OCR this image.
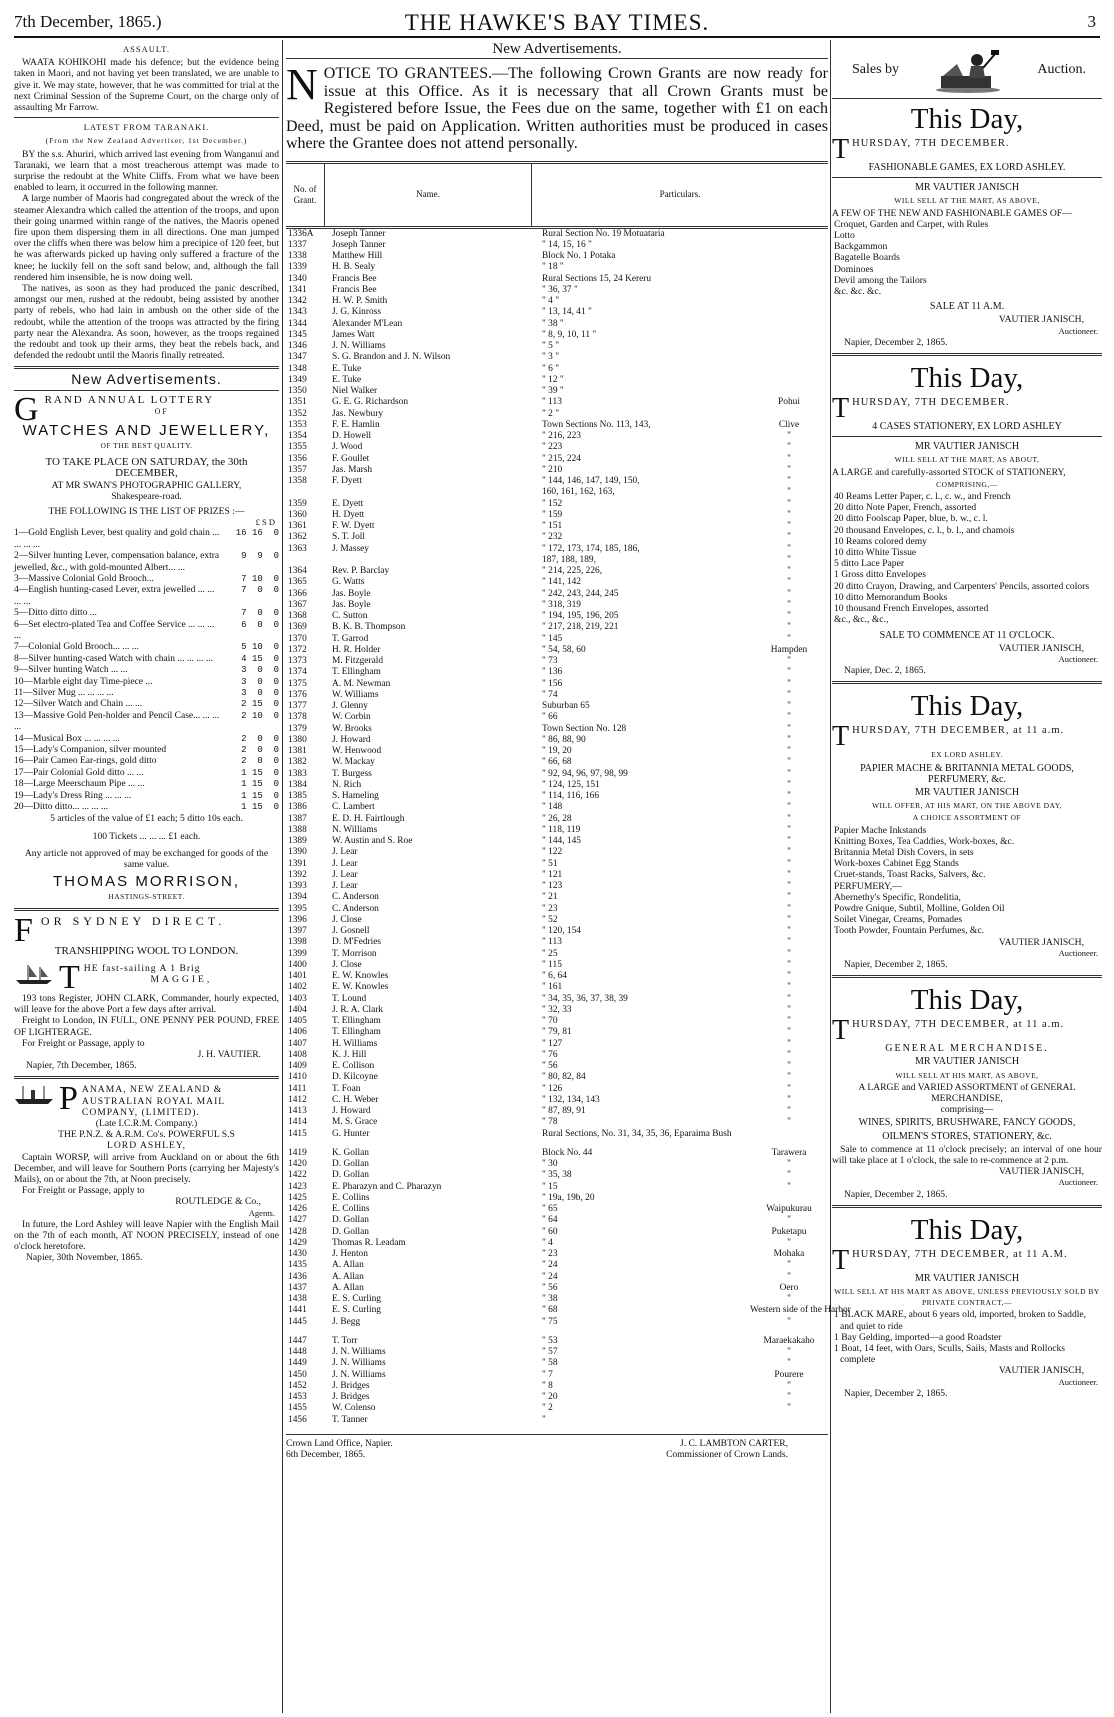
7th December, 1865.)	THE HAWKE'S BAY TIMES.	3
ASSAULT.

WAATA KOHIKOHI made his defence; but the evidence being taken in Maori, and not having yet been translated, we are unable to give it. We may state, however, that he was committed for trial at the next Criminal Session of the Supreme Court, on the charge only of assaulting Mr Farrow.

LATEST FROM TARANAKI.
(From the New Zealand Advertiser, 1st December.)

BY the s.s. Ahuriri, which arrived last evening from Wanganui and Taranaki, we learn that a most treacherous attempt was made to surprise the redoubt at the White Cliffs. From what we have been enabled to learn, it occurred in the following manner.

A large number of Maoris had congregated about the wreck of the steamer Alexandra which called the attention of the troops, and upon their going unarmed within range of the natives, the Maoris opened fire upon them dispersing them in all directions. One man jumped over the cliffs when there was below him a precipice of 120 feet, but he was afterwards picked up having only suffered a fracture of the knee; he luckily fell on the soft sand below, and, although the fall rendered him insensible, he is now doing well.

The natives, as soon as they had produced the panic described, amongst our men, rushed at the redoubt, being assisted by another party of rebels, who had lain in ambush on the other side of the redoubt, while the attention of the troops was attracted by the firing party near the Alexandra. As soon, however, as the troops regained the redoubt and took up their arms, they beat the rebels back, and defended the redoubt until the Maoris finally retreated.

New Advertisements.
G RAND ANNUAL LOTTERY
OF
WATCHES AND JEWELLERY,
OF THE BEST QUALITY.
TO TAKE PLACE ON SATURDAY, the 30th DECEMBER,
AT MR SWAN'S PHOTOGRAPHIC GALLERY,
Shakespeare-road.
THE FOLLOWING IS THE LIST OF PRIZES :—
£ S D
1—Gold English Lever, best quality and gold chain ... ... ... ...
16 16  0
2—Silver hunting Lever, compensation balance, extra jewelled, &c., with gold-mounted Albert... ...
9  9  0
3—Massive Colonial Gold Brooch...	7 10  0
4—English hunting-cased Lever, extra jewelled ... ... ... ...
7  0  0
5—Ditto ditto ditto ...	7  0  0
6—Set electro-plated Tea and Coffee Service ... ... ... ...
6  0  0
7—Colonial Gold Brooch... ... ...	5 10  0
8—Silver hunting-cased Watch with chain ... ... ... ...	4 15  0
9—Silver hunting Watch ... ...	3  0  0
10—Marble eight day Time-piece ...	3  0  0
11—Silver Mug ... ... ... ...	3  0  0
12—Silver Watch and Chain ... ...	2 15  0
13—Massive Gold Pen-holder and Pencil Case... ... ... ...
2 10  0
14—Musical Box ... ... ... ...	2  0  0
15—Lady's Companion, silver mounted	2  0  0
16—Pair Cameo Ear-rings, gold ditto	2  0  0
17—Pair Colonial Gold ditto ... ...	1 15  0
18—Large Meerschaum Pipe ... ...	1 15  0
19—Lady's Dress Ring ... ... ...	1 15  0
20—Ditto ditto... ... ... ...	1 15  0
5 articles of the value of £1 each; 5 ditto 10s each.
100 Tickets ... ... ... £1 each.
Any article not approved of may be exchanged for goods of the same value.
THOMAS MORRISON,
HASTINGS-STREET.
F OR SYDNEY DIRECT.
TRANSHIPPING WOOL TO LONDON.
T HE fast-sailing A 1 Brig
MAGGIE,

193 tons Register, JOHN CLARK, Commander, hourly expected, will leave for the above Port a few days after arrival.

Freight to London, IN FULL, ONE PENNY PER POUND, FREE OF LIGHTERAGE.

For Freight or Passage, apply to

J. H. VAUTIER.
Napier, 7th December, 1865.
P ANAMA, NEW ZEALAND & AUSTRALIAN ROYAL MAIL COMPANY, (LIMITED).
(Late I.C.R.M. Company.)
THE P.N.Z. & A.R.M. Co's. POWERFUL S.S
LORD ASHLEY,

Captain WORSP, will arrive from Auckland on or about the 6th December, and will leave for Southern Ports (carrying her Majesty's Mails), on or about the 7th, at Noon precisely.

For Freight or Passage, apply to

ROUTLEDGE & Co.,
Agents.

In future, the Lord Ashley will leave Napier with the English Mail on the 7th of each month, AT NOON PRECISELY, instead of one o'clock heretofore.

Napier, 30th November, 1865.
New Advertisements.
N OTICE TO GRANTEES.—The following Crown Grants are now ready for issue at this Office. As it is necessary that all Crown Grants must be Registered before Issue, the Fees due on the same, together with £1 on each Deed, must be paid on Application. Written authorities must be produced in cases where the Grantee does not attend personally.
No. of Grant.
Name.	Particulars.
1336A	Joseph Tanner	Rural Section No. 19 Motuataria
1337	Joseph Tanner	" 14, 15, 16 "
1338	Matthew Hill	Block No. 1 Potaka
1339	H. B. Sealy	" 18 "
1340	Francis Bee	Rural Sections 15, 24 Kereru
1341	Francis Bee	" 36, 37 "
1342	H. W. P. Smith	" 4 "
1343	J. G. Kinross	" 13, 14, 41 "
1344	Alexander M'Lean	" 38 "
1345	James Watt	" 8, 9, 10, 11 "
1346	J. N. Williams	" 5 "
1347	S. G. Brandon and J. N. Wilson	" 3 "
1348	E. Tuke	" 6 "
1349	E. Tuke	" 12 "
1350	Niel Walker	" 39 "
1351	G. E. G. Richardson	" 113	Pohui
1352	Jas. Newbury	" 2 "
1353	F. E. Hamlin	Town Sections No. 113, 143,	Clive
1354	D. Howell	" 216, 223	"
1355	J. Wood	" 223	"
1356	F. Goullet	" 215, 224	"
1357	Jas. Marsh	" 210	"
1358	F. Dyett	" 144, 146, 147, 149, 150,	"
160, 161, 162, 163,	"
1359	E. Dyett	" 152	"
1360	H. Dyett	" 159	"
1361	F. W. Dyett	" 151	"
1362	S. T. Joll	" 232	"
1363	J. Massey	" 172, 173, 174, 185, 186,	"
187, 188, 189,	"
1364	Rev. P. Barclay	" 214, 225, 226,	"
1365	G. Watts	" 141, 142	"
1366	Jas. Boyle	" 242, 243, 244, 245	"
1367	Jas. Boyle	" 318, 319	"
1368	C. Sutton	" 194, 195, 196, 205	"
1369	B. K. B. Thompson	" 217, 218, 219, 221	"
1370	T. Garrod	" 145	"
1372	H. R. Holder	" 54, 58, 60	Hampden
1373	M. Fitzgerald	" 73	"
1374	T. Ellingham	" 136	"
1375	A. M. Newman	" 156	"
1376	W. Williams	" 74	"
1377	J. Glenny	Suburban 65	"
1378	W. Corbin	" 66	"
1379	W. Brooks	Town Section No. 128	"
1380	J. Howard	" 86, 88, 90	"
1381	W. Henwood	" 19, 20	"
1382	W. Mackay	" 66, 68	"
1383	T. Burgess	" 92, 94, 96, 97, 98, 99	"
1384	N. Rich	" 124, 125, 151	"
1385	S. Hameling	" 114, 116, 166	"
1386	C. Lambert	" 148	"
1387	E. D. H. Fairtlough	" 26, 28	"
1388	N. Williams	" 118, 119	"
1389	W. Austin and S. Roe	" 144, 145	"
1390	J. Lear	" 122	"
1391	J. Lear	" 51	"
1392	J. Lear	" 121	"
1393	J. Lear	" 123	"
1394	C. Anderson	" 21	"
1395	C. Anderson	" 23	"
1396	J. Close	" 52	"
1397	J. Gosnell	" 120, 154	"
1398	D. M'Fedries	" 113	"
1399	T. Morrison	" 25	"
1400	J. Close	" 115	"
1401	E. W. Knowles	" 6, 64	"
1402	E. W. Knowles	" 161	"
1403	T. Lound	" 34, 35, 36, 37, 38, 39	"
1404	J. R. A. Clark	" 32, 33	"
1405	T. Ellingham	" 70	"
1406	T. Ellingham	" 79, 81	"
1407	H. Williams	" 127	"
1408	K. J. Hill	" 76	"
1409	E. Collison	" 56	"
1410	D. Kilcoyne	" 80, 82, 84	"
1411	T. Foan	" 126	"
1412	C. H. Weber	" 132, 134, 143	"
1413	J. Howard	" 87, 89, 91	"
1414	M. S. Grace	" 78	"
1415	G. Hunter	Rural Sections, No. 31, 34, 35, 36, Eparaima Bush
1419	K. Gollan	Block No. 44	Tarawera
1420	D. Gollan	" 30	"
1422	D. Gollan	" 35, 38	"
1423	E. Pharazyn and C. Pharazyn	" 15	"
1425	E. Collins	" 19a, 19b, 20
1426	E. Collins	" 65	Waipukurau
1427	D. Gollan	" 64	"
1428	D. Gollan	" 60	Puketapu
1429	Thomas R. Leadam	" 4	"
1430	J. Henton	" 23	Mohaka
1435	A. Allan	" 24	"
1436	A. Allan	" 24	"
1437	A. Allan	" 56	Oero
1438	E. S. Curling	" 38	"
1441	E. S. Curling	" 68	Western side of the Harbor
1445	J. Begg	" 75	"
1447	T. Torr	" 53	Maraekakaho
1448	J. N. Williams	" 57	"
1449	J. N. Williams	" 58	"
1450	J. N. Williams	" 7	Pourere
1452	J. Bridges	" 8	"
1453	J. Bridges	" 20	"
1455	W. Colenso	" 2	"
1456	T. Tanner	"
Crown Land Office, Napier.
6th December, 1865.
J. C. LAMBTON CARTER,
Commissioner of Crown Lands.
Sales by	Auction.
This Day,
THURSDAY, 7TH DECEMBER.
FASHIONABLE GAMES, EX LORD ASHLEY.
MR VAUTIER JANISCH
WILL SELL AT THE MART, AS ABOVE,
A FEW OF THE NEW AND FASHIONABLE GAMES OF—
Croquet, Garden and Carpet, with Rules
Lotto
Backgammon
Bagatelle Boards
Dominoes
Devil among the Tailors
&c. &c. &c.
SALE AT 11 A.M.
VAUTIER JANISCH,
Auctioneer.
Napier, December 2, 1865.
This Day,
THURSDAY, 7TH DECEMBER.
4 CASES STATIONERY, EX LORD ASHLEY
MR VAUTIER JANISCH
WILL SELL AT THE MART, AS ABOUT,
A LARGE and carefully-assorted STOCK of STATIONERY,
COMPRISING,—
40 Reams Letter Paper, c. l., c. w., and French
20 ditto Note Paper, French, assorted
20 ditto Foolscap Paper, blue, b. w., c. l.
20 thousand Envelopes, c. l., b. l., and chamois
10 Reams colored demy
10 ditto White Tissue
5 ditto Lace Paper
1 Gross ditto Envelopes
20 ditto Crayon, Drawing, and Carpenters' Pencils, assorted colors
10 ditto Memorandum Books
10 thousand French Envelopes, assorted
&c., &c., &c.,
SALE TO COMMENCE AT 11 O'CLOCK.
VAUTIER JANISCH,
Auctioneer.
Napier, Dec. 2, 1865.
This Day,
THURSDAY, 7TH DECEMBER, at 11 a.m.
EX LORD ASHLEY.
PAPIER MACHE & BRITANNIA METAL GOODS, PERFUMERY, &c.
MR VAUTIER JANISCH
WILL OFFER, AT HIS MART, ON THE ABOVE DAY,
A CHOICE ASSORTMENT OF
Papier Mache Inkstands
Knitting Boxes, Tea Caddies, Work-boxes, &c.
Britannia Metal Dish Covers, in sets
Work-boxes Cabinet Egg Stands
Cruet-stands, Toast Racks, Salvers, &c.
PERFUMERY,—
Abernethy's Specific, Rondelitia,
Powdre Gnique, Subtil, Molline, Golden Oil
Soilet Vinegar, Creams, Pomades
Tooth Powder, Fountain Perfumes, &c.
VAUTIER JANISCH,
Auctioneer.
Napier, December 2, 1865.
This Day,
THURSDAY, 7TH DECEMBER, at 11 a.m.
GENERAL MERCHANDISE.
MR VAUTIER JANISCH
WILL SELL AT HIS MART, AS ABOVE,
A LARGE and VARIED ASSORTMENT of GENERAL MERCHANDISE,
comprising—
WINES, SPIRITS, BRUSHWARE, FANCY GOODS,
OILMEN'S STORES, STATIONERY, &c.

Sale to commence at 11 o'clock precisely; an interval of one hour will take place at 1 o'clock, the sale to re-commence at 2 p.m.

VAUTIER JANISCH,
Auctioneer.
Napier, December 2, 1865.
This Day,
THURSDAY, 7TH DECEMBER, at 11 A.M.
MR VAUTIER JANISCH
WILL SELL AT HIS MART AS ABOVE, UNLESS PREVIOUSLY SOLD BY PRIVATE CONTRACT,—
1 BLACK MARE, about 6 years old, imported, broken to Saddle, and quiet to ride
1 Bay Gelding, imported—a good Roadster
1 Boat, 14 feet, with Oars, Sculls, Sails, Masts and Rollocks complete
VAUTIER JANISCH,
Auctioneer.
Napier, December 2, 1865.
